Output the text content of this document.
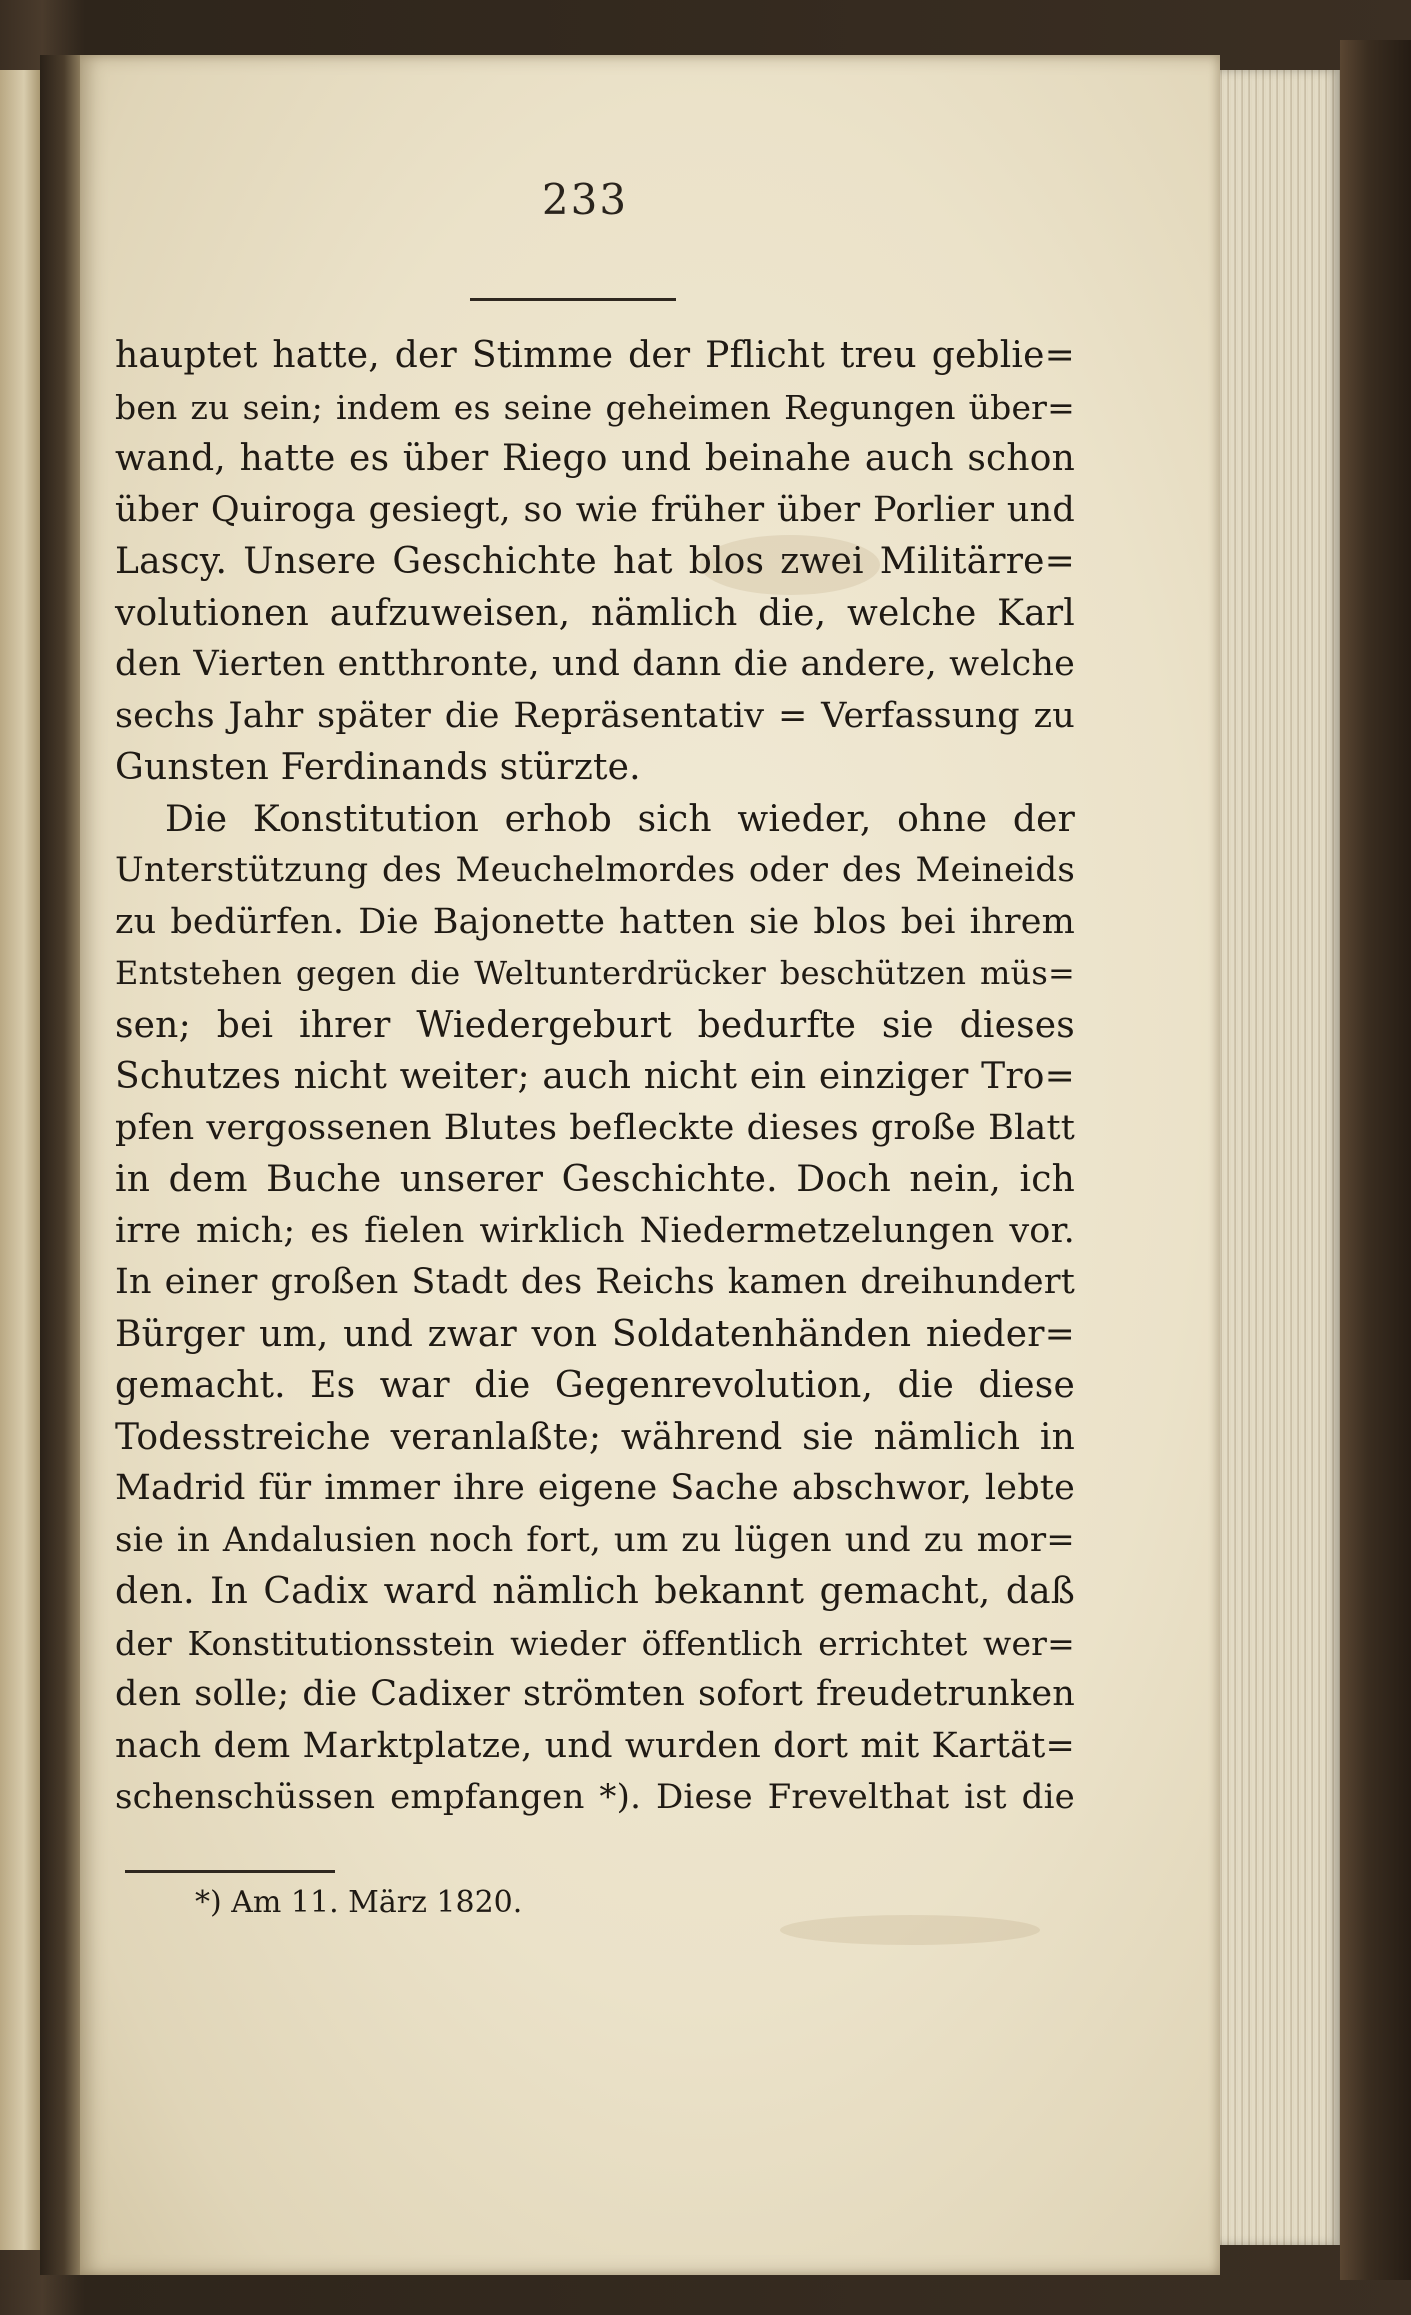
233
hauptet hatte, der Stimme der Pflicht treu geblie=
ben zu sein; indem es seine geheimen Regungen über=
wand, hatte es über Riego und beinahe auch schon
über Quiroga gesiegt, so wie früher über Porlier und
Lascy. Unsere Geschichte hat blos zwei Militärre=
volutionen aufzuweisen, nämlich die, welche Karl
den Vierten entthronte, und dann die andere, welche
sechs Jahr später die Repräsentativ = Verfassung zu
Gunsten Ferdinands stürzte.
Die Konstitution erhob sich wieder, ohne der
Unterstützung des Meuchelmordes oder des Meineids
zu bedürfen. Die Bajonette hatten sie blos bei ihrem
Entstehen gegen die Weltunterdrücker beschützen müs=
sen; bei ihrer Wiedergeburt bedurfte sie dieses
Schutzes nicht weiter; auch nicht ein einziger Tro=
pfen vergossenen Blutes befleckte dieses große Blatt
in dem Buche unserer Geschichte. Doch nein, ich
irre mich; es fielen wirklich Niedermetzelungen vor.
In einer großen Stadt des Reichs kamen dreihundert
Bürger um, und zwar von Soldatenhänden nieder=
gemacht. Es war die Gegenrevolution, die diese
Todesstreiche veranlaßte; während sie nämlich in
Madrid für immer ihre eigene Sache abschwor, lebte
sie in Andalusien noch fort, um zu lügen und zu mor=
den. In Cadix ward nämlich bekannt gemacht, daß
der Konstitutionsstein wieder öffentlich errichtet wer=
den solle; die Cadixer strömten sofort freudetrunken
nach dem Marktplatze, und wurden dort mit Kartät=
schenschüssen empfangen *). Diese Frevelthat ist die
*) Am 11. März 1820.
